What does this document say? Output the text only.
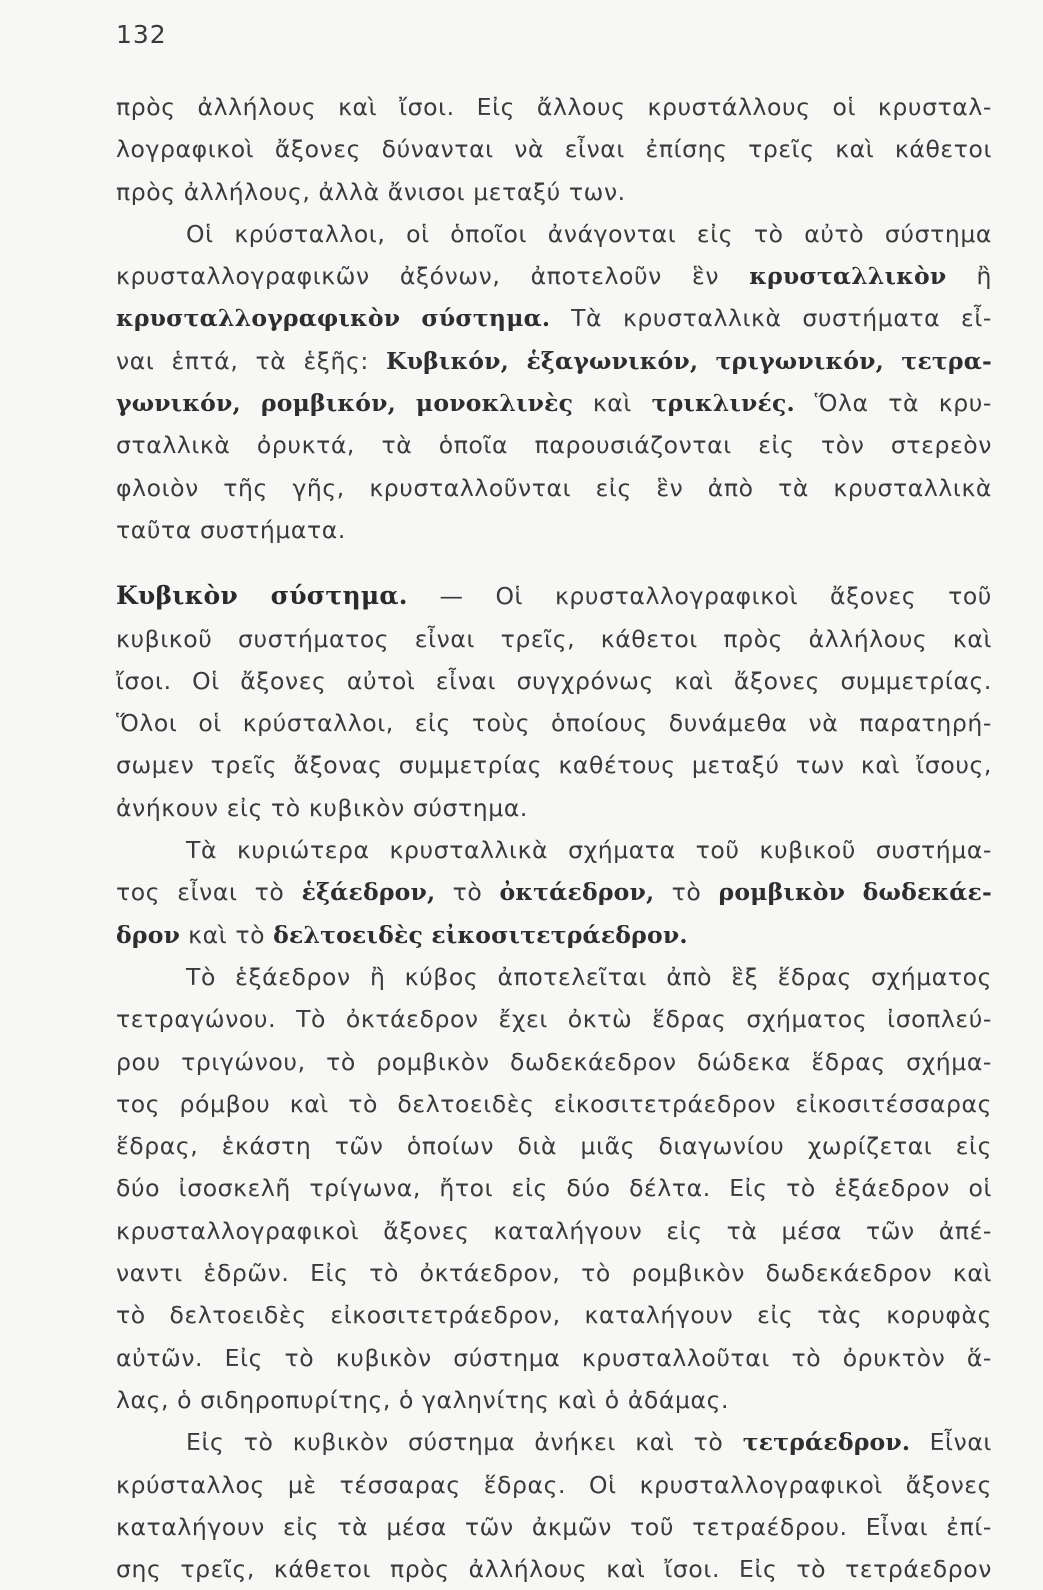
132
πρὸς ἀλλήλους καὶ ἴσοι. Εἰς ἄλλους κρυστάλλους οἱ κρυσταλ-
λογραφικοὶ ἄξονες δύνανται νὰ εἶναι ἐπίσης τρεῖς καὶ κάθετοι
πρὸς ἀλλήλους, ἀλλὰ ἄνισοι μεταξύ των.
Οἱ κρύσταλλοι, οἱ ὁποῖοι ἀνάγονται εἰς τὸ αὐτὸ σύστημα
κρυσταλλογραφικῶν ἀξόνων, ἀποτελοῦν ἓν κρυσταλλικὸν ἢ
κρυσταλλογραφικὸν σύστημα. Τὰ κρυσταλλικὰ συστήματα εἶ-
ναι ἑπτά, τὰ ἑξῆς: Κυβικόν, ἑξαγωνικόν, τριγωνικόν, τετρα-
γωνικόν, ρομβικόν, μονοκλινὲς καὶ τρικλινές. Ὅλα τὰ κρυ-
σταλλικὰ ὀρυκτά, τὰ ὁποῖα παρουσιάζονται εἰς τὸν στερεὸν
φλοιὸν τῆς γῆς, κρυσταλλοῦνται εἰς ἓν ἀπὸ τὰ κρυσταλλικὰ
ταῦτα συστήματα.
Κυβικὸν σύστημα. — Οἱ κρυσταλλογραφικοὶ ἄξονες τοῦ
κυβικοῦ συστήματος εἶναι τρεῖς, κάθετοι πρὸς ἀλλήλους καὶ
ἴσοι. Οἱ ἄξονες αὐτοὶ εἶναι συγχρόνως καὶ ἄξονες συμμετρίας.
Ὅλοι οἱ κρύσταλλοι, εἰς τοὺς ὁποίους δυνάμεθα νὰ παρατηρή-
σωμεν τρεῖς ἄξονας συμμετρίας καθέτους μεταξύ των καὶ ἴσους,
ἀνήκουν εἰς τὸ κυβικὸν σύστημα.
Τὰ κυριώτερα κρυσταλλικὰ σχήματα τοῦ κυβικοῦ συστήμα-
τος εἶναι τὸ ἑξάεδρον, τὸ ὀκτάεδρον, τὸ ρομβικὸν δωδεκάε-
δρον καὶ τὸ δελτοειδὲς εἰκοσιτετράεδρον.
Τὸ ἑξάεδρον ἢ κύβος ἀποτελεῖται ἀπὸ ἓξ ἕδρας σχήματος
τετραγώνου. Τὸ ὀκτάεδρον ἔχει ὀκτὼ ἕδρας σχήματος ἰσοπλεύ-
ρου τριγώνου, τὸ ρομβικὸν δωδεκάεδρον δώδεκα ἕδρας σχήμα-
τος ρόμβου καὶ τὸ δελτοειδὲς εἰκοσιτετράεδρον εἰκοσιτέσσαρας
ἕδρας, ἑκάστη τῶν ὁποίων διὰ μιᾶς διαγωνίου χωρίζεται εἰς
δύο ἰσοσκελῆ τρίγωνα, ἤτοι εἰς δύο δέλτα. Εἰς τὸ ἑξάεδρον οἱ
κρυσταλλογραφικοὶ ἄξονες καταλήγουν εἰς τὰ μέσα τῶν ἀπέ-
ναντι ἑδρῶν. Εἰς τὸ ὀκτάεδρον, τὸ ρομβικὸν δωδεκάεδρον καὶ
τὸ δελτοειδὲς εἰκοσιτετράεδρον, καταλήγουν εἰς τὰς κορυφὰς
αὐτῶν. Εἰς τὸ κυβικὸν σύστημα κρυσταλλοῦται τὸ ὀρυκτὸν ἅ-
λας, ὁ σιδηροπυρίτης, ὁ γαληνίτης καὶ ὁ ἀδάμας.
Εἰς τὸ κυβικὸν σύστημα ἀνήκει καὶ τὸ τετράεδρον. Εἶναι
κρύσταλλος μὲ τέσσαρας ἕδρας. Οἱ κρυσταλλογραφικοὶ ἄξονες
καταλήγουν εἰς τὰ μέσα τῶν ἀκμῶν τοῦ τετραέδρου. Εἶναι ἐπί-
σης τρεῖς, κάθετοι πρὸς ἀλλήλους καὶ ἴσοι. Εἰς τὸ τετράεδρον
